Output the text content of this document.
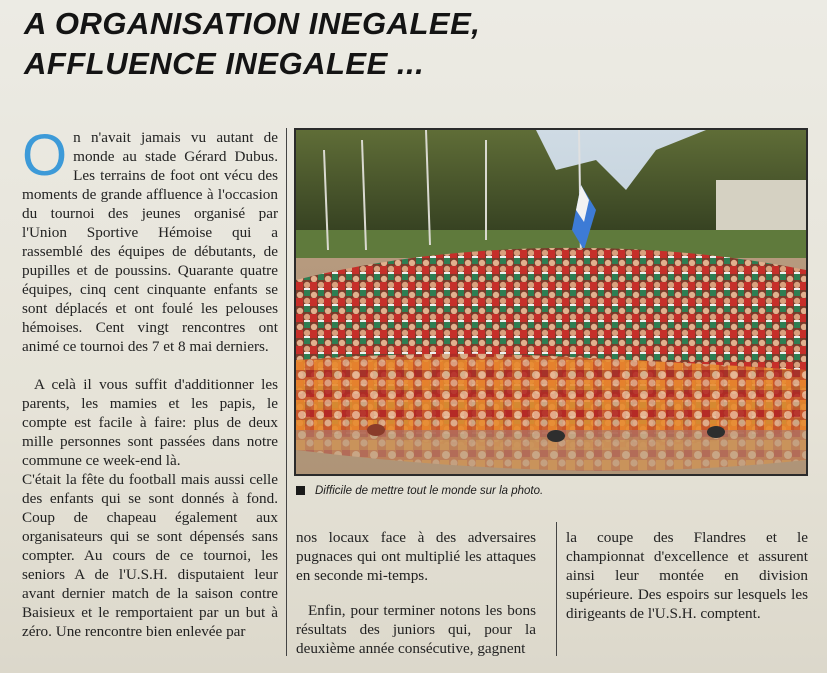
A ORGANISATION INEGALEE,
AFFLUENCE INEGALEE ...

On n'avait jamais vu autant de monde au stade Gérard Dubus. Les terrains de foot ont vécu des moments de grande affluence à l'occasion du tournoi des jeunes organisé par l'Union Sportive Hémoise qui a rassemblé des équipes de débutants, de pupilles et de poussins. Quarante quatre équipes, cinq cent cinquante enfants se sont déplacés et ont foulé les pelouses hémoises. Cent vingt rencontres ont animé ce tournoi des 7 et 8 mai derniers.

A celà il vous suffit d'additionner les parents, les mamies et les papis, le compte est facile à faire: plus de deux mille personnes sont passées dans notre commune ce week-end là.

C'était la fête du football mais aussi celle des enfants qui se sont donnés à fond. Coup de chapeau également aux organisateurs qui se sont dépensés sans compter. Au cours de ce tournoi, les seniors A de l'U.S.H. disputaient leur avant dernier match de la saison contre Baisieux et le remportaient par un but à zéro. Une rencontre bien enlevée par

Difficile de mettre tout le monde sur la photo.

nos locaux face à des adversaires pugnaces qui ont multiplié les attaques en seconde mi-temps.

Enfin, pour terminer notons les bons résultats des juniors qui, pour la deuxième année consécutive, gagnent

la coupe des Flandres et le championnat d'excellence et assurent ainsi leur montée en division supérieure. Des espoirs sur lesquels les dirigeants de l'U.S.H. comptent.
